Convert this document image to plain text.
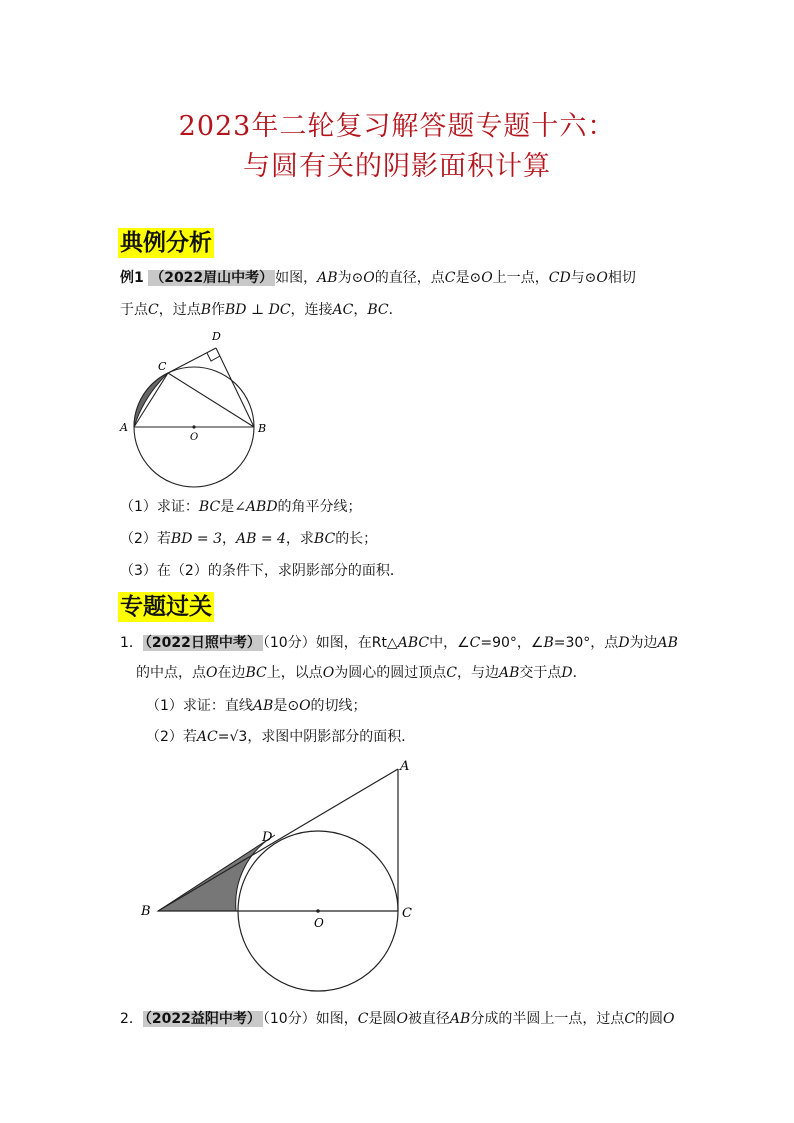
2023年二轮复习解答题专题十六：
与圆有关的阴影面积计算
典例分析
例1 （2022眉山中考） 如图，AB为⊙O的直径，点C是⊙O上一点，CD与⊙O相切
于点C，过点B作BD ⊥ DC，连接AC，BC．
A	B
C
D
O
（1）求证：BC是∠ABD的角平分线；
（2）若BD = 3，AB = 4，求BC的长；
（3）在（2）的条件下，求阴影部分的面积．
专题过关
1． （2022日照中考） （10分）如图，在Rt△ABC中，∠C=90°，∠B=30°，点D为边AB
的中点，点O在边BC上，以点O为圆心的圆过顶点C，与边AB交于点D．
（1）求证：直线AB是⊙O的切线；
（2）若AC=√3，求图中阴影部分的面积．
A
B	C
D
O
2． （2022益阳中考） （10分）如图，C是圆O被直径AB分成的半圆上一点，过点C的圆O
